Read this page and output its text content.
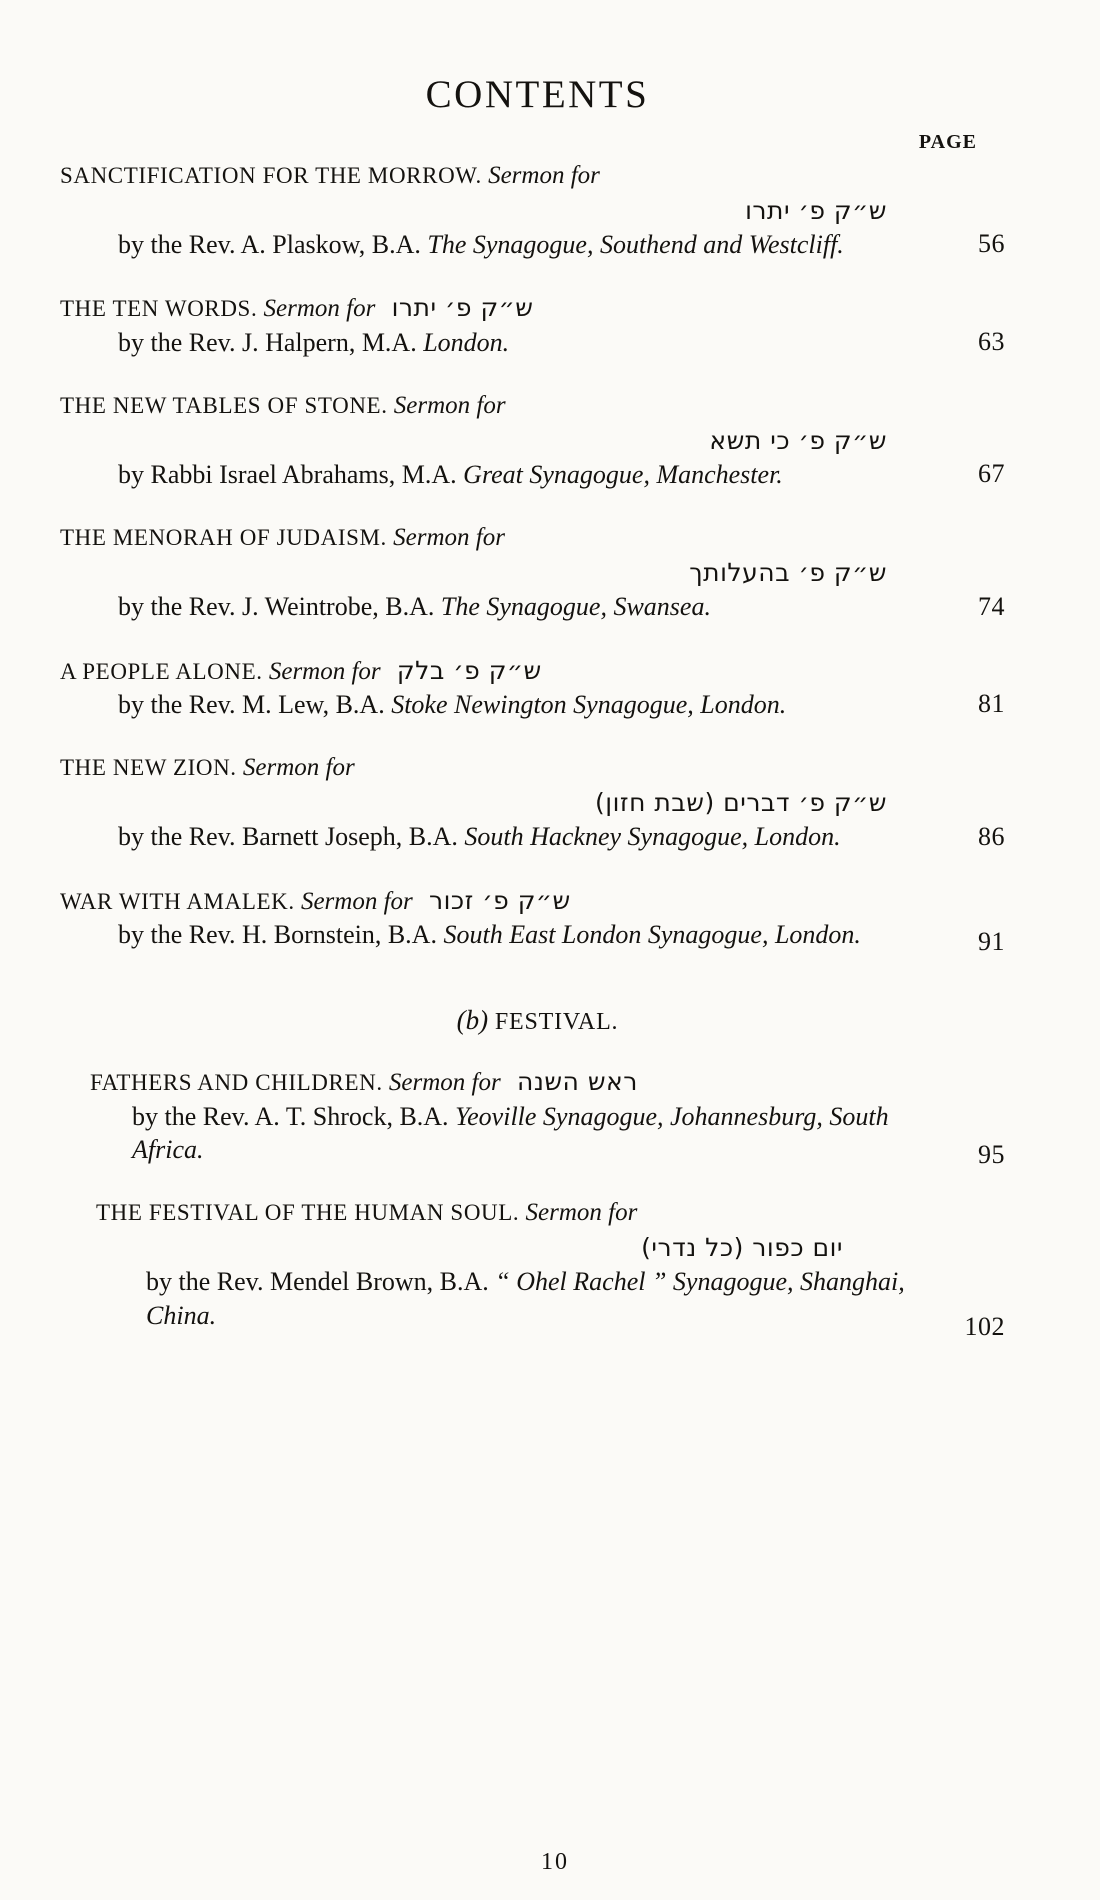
CONTENTS
PAGE
SANCTIFICATION FOR THE MORROW. Sermon for
ש״ק פ׳ יתרו
by the Rev. A. Plaskow, B.A. The Synagogue, Southend and Westcliff.	56
THE TEN WORDS. Sermon for ש״ק פ׳ יתרו
by the Rev. J. Halpern, M.A. London.	63
THE NEW TABLES OF STONE. Sermon for
ש״ק פ׳ כי תשא
by Rabbi Israel Abrahams, M.A. Great Synagogue, Manchester.	67
THE MENORAH OF JUDAISM. Sermon for
ש״ק פ׳ בהעלותך
by the Rev. J. Weintrobe, B.A. The Synagogue, Swansea.	74
A PEOPLE ALONE. Sermon for ש״ק פ׳ בלק
by the Rev. M. Lew, B.A. Stoke Newington Synagogue, London.	81
THE NEW ZION. Sermon for
ש״ק פ׳ דברים (שבת חזון)
by the Rev. Barnett Joseph, B.A. South Hackney Synagogue, London.	86
WAR WITH AMALEK. Sermon for ש״ק פ׳ זכור
by the Rev. H. Bornstein, B.A. South East London Synagogue, London.	91
(b) FESTIVAL.
FATHERS AND CHILDREN. Sermon for ראש השנה
by the Rev. A. T. Shrock, B.A. Yeoville Synagogue, Johannesburg, South Africa.	95
THE FESTIVAL OF THE HUMAN SOUL. Sermon for
יום כפור (כל נדרי)
by the Rev. Mendel Brown, B.A. “ Ohel Rachel ” Synagogue, Shanghai, China.	102
10
